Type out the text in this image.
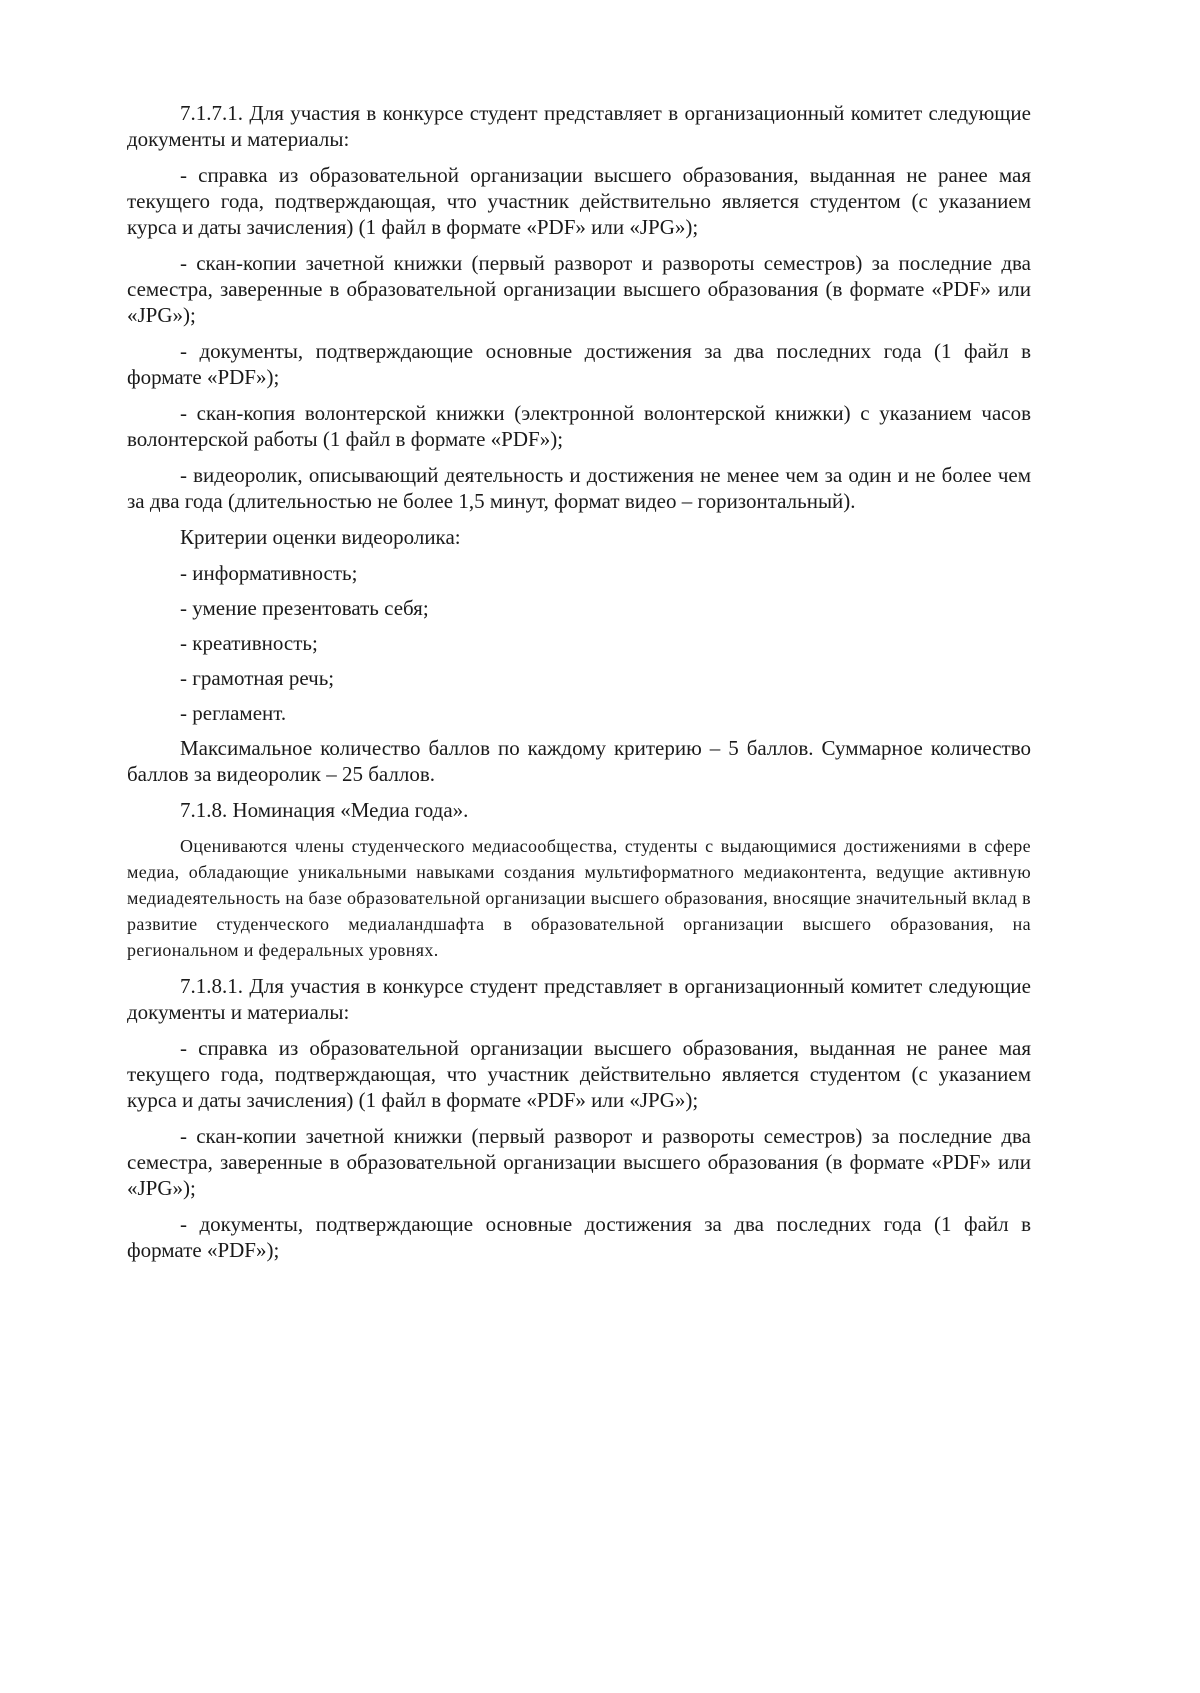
7.1.7.1. Для участия в конкурсе студент представляет в организационный комитет следующие документы и материалы:

- справка из образовательной организации высшего образования, выданная не ранее мая текущего года, подтверждающая, что участник действительно является студентом (с указанием курса и даты зачисления) (1 файл в формате «PDF» или «JPG»);

- скан-копии зачетной книжки (первый разворот и развороты семестров) за последние два семестра, заверенные в образовательной организации высшего образования (в формате «PDF» или «JPG»);

- документы, подтверждающие основные достижения за два последних года (1 файл в формате «PDF»);

- скан-копия волонтерской книжки (электронной волонтерской книжки) с указанием часов волонтерской работы (1 файл в формате «PDF»);

- видеоролик, описывающий деятельность и достижения не менее чем за один и не более чем за два года (длительностью не более 1,5 минут, формат видео – горизонтальный).

Критерии оценки видеоролика:

- информативность;
- умение презентовать себя;
- креативность;
- грамотная речь;
- регламент.

Максимальное количество баллов по каждому критерию – 5 баллов. Суммарное количество баллов за видеоролик – 25 баллов.

7.1.8. Номинация «Медиа года».

Оцениваются члены студенческого медиасообщества, студенты с выдающимися достижениями в сфере медиа, обладающие уникальными навыками создания мультиформатного медиаконтента, ведущие активную медиадеятельность на базе образовательной организации высшего образования, вносящие значительный вклад в развитие студенческого медиаландшафта в образовательной организации высшего образования, на региональном и федеральных уровнях.

7.1.8.1. Для участия в конкурсе студент представляет в организационный комитет следующие документы и материалы:

- справка из образовательной организации высшего образования, выданная не ранее мая текущего года, подтверждающая, что участник действительно является студентом (с указанием курса и даты зачисления) (1 файл в формате «PDF» или «JPG»);

- скан-копии зачетной книжки (первый разворот и развороты семестров) за последние два семестра, заверенные в образовательной организации высшего образования (в формате «PDF» или «JPG»);

- документы, подтверждающие основные достижения за два последних года (1 файл в формате «PDF»);
